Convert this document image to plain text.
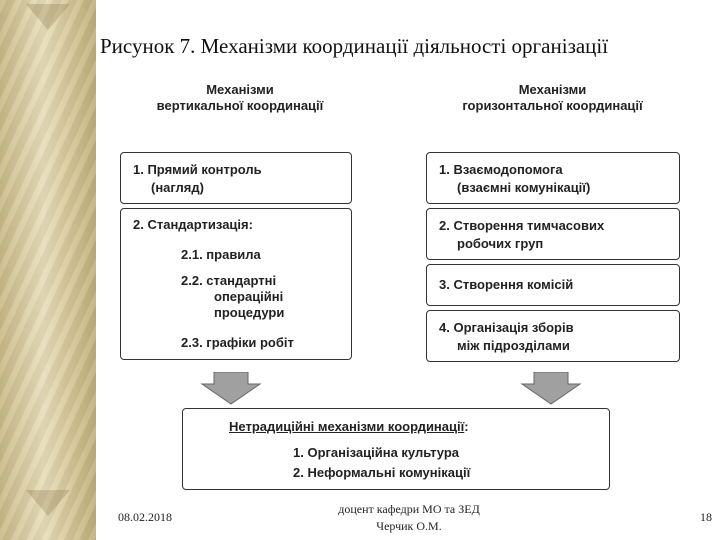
Рисунок 7. Механізми координації діяльності організації
Механізми
вертикальної координації
Механізми
горизонтальної координації
1. Прямий контроль
(нагляд)
2. Стандартизація:
2.1. правила
2.2. стандартні
операційні
процедури
2.3. графіки робіт
1. Взаємодопомога
(взаємні комунікації)
2. Створення тимчасових
робочих груп
3. Створення комісій
4. Організація зборів
між підрозділами
Нетрадиційні механізми координації:
1. Організаційна культура
2. Неформальні комунікації
08.02.2018
доцент кафедри МО та ЗЕД
Черчик О.М.
18
